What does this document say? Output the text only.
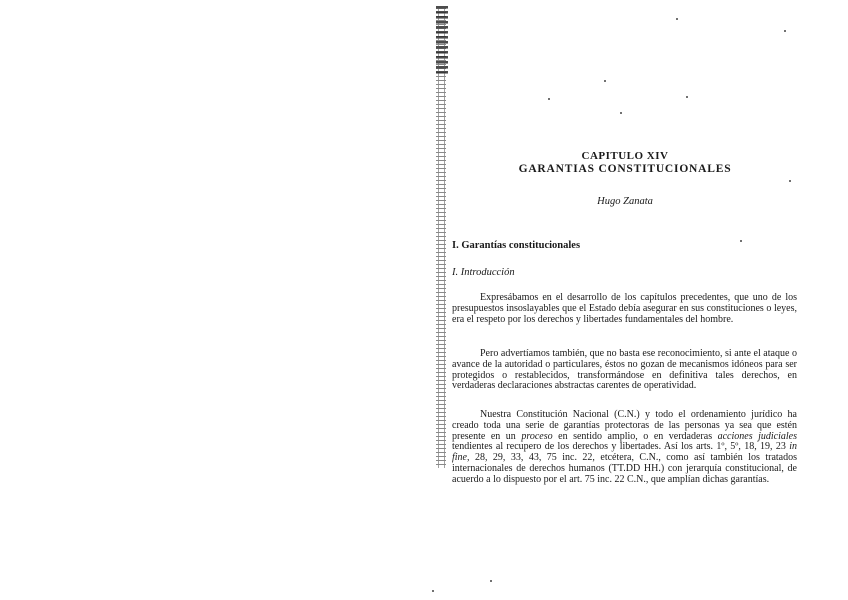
CAPITULO XIV
GARANTIAS CONSTITUCIONALES
Hugo Zanata
I. Garantías constitucionales
I. Introducción

Expresábamos en el desarrollo de los capítulos precedentes, que uno de los presupuestos insoslayables que el Estado debía asegurar en sus constituciones o leyes, era el respeto por los derechos y libertades fundamentales del hombre.

Pero advertíamos también, que no basta ese reconocimiento, si ante el ataque o avance de la autoridad o particulares, éstos no gozan de mecanismos idóneos para ser protegidos o restablecidos, transformándose en definitiva tales derechos, en verdaderas declaraciones abstractas carentes de operatividad.

Nuestra Constitución Nacional (C.N.) y todo el ordenamiento jurídico ha creado toda una serie de garantías protectoras de las personas ya sea que estén presente en un proceso en sentido amplio, o en verdaderas acciones judiciales tendientes al recupero de los derechos y libertades. Así los arts. 1º, 5º, 18, 19, 23 in fine, 28, 29, 33, 43, 75 inc. 22, etcétera, C.N., como así también los tratados internacionales de derechos humanos (TT.DD HH.) con jerarquía constitucional, de acuerdo a lo dispuesto por el art. 75 inc. 22 C.N., que amplían dichas garantías.
